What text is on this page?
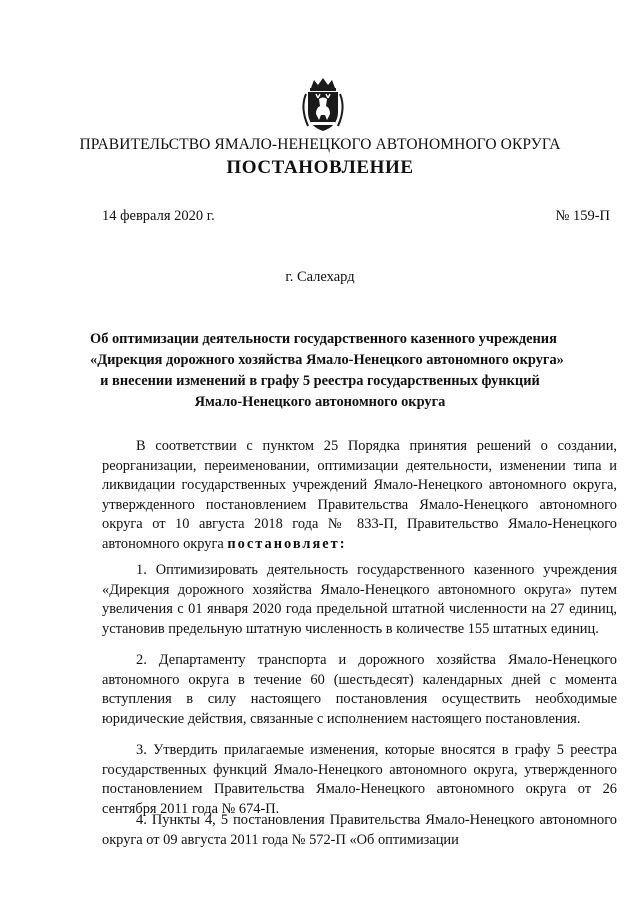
ПРАВИТЕЛЬСТВО ЯМАЛО-НЕНЕЦКОГО АВТОНОМНОГО ОКРУГА
ПОСТАНОВЛЕНИЕ
14 февраля 2020 г.	№ 159-П
г. Салехард
Об оптимизации деятельности государственного казенного учреждения
«Дирекция дорожного хозяйства Ямало-Ненецкого автономного округа»
и внесении изменений в графу 5 реестра государственных функций
Ямало-Ненецкого автономного округа
В соответствии с пунктом 25 Порядка принятия решений о создании, реорганизации, переименовании, оптимизации деятельности, изменении типа и ликвидации государственных учреждений Ямало-Ненецкого автономного округа, утвержденного постановлением Правительства Ямало-Ненецкого автономного округа от 10 августа 2018 года № 833-П, Правительство Ямало-Ненецкого автономного округа постановляет:
1. Оптимизировать деятельность государственного казенного учреждения «Дирекция дорожного хозяйства Ямало-Ненецкого автономного округа» путем увеличения с 01 января 2020 года предельной штатной численности на 27 единиц, установив предельную штатную численность в количестве 155 штатных единиц.
2. Департаменту транспорта и дорожного хозяйства Ямало-Ненецкого автономного округа в течение 60 (шестьдесят) календарных дней с момента вступления в силу настоящего постановления осуществить необходимые юридические действия, связанные с исполнением настоящего постановления.
3. Утвердить прилагаемые изменения, которые вносятся в графу 5 реестра государственных функций Ямало-Ненецкого автономного округа, утвержденного постановлением Правительства Ямало-Ненецкого автономного округа от 26 сентября 2011 года № 674-П.
4. Пункты 4, 5 постановления Правительства Ямало-Ненецкого автономного округа от 09 августа 2011 года № 572-П «Об оптимизации
